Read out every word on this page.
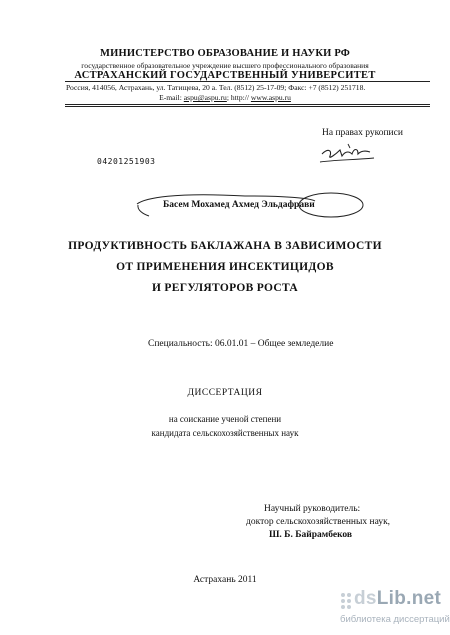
МИНИСТЕРСТВО ОБРАЗОВАНИЕ И НАУКИ РФ
государственное образовательное учреждение высшего профессионального образования
АСТРАХАНСКИЙ ГОСУДАРСТВЕННЫЙ УНИВЕРСИТЕТ
Россия, 414056, Астрахань, ул. Татищева, 20 а. Тел. (8512) 25-17-09; Факс: +7 (8512) 251718.
E-mail: aspu@aspu.ru; http:// www.aspu.ru
На правах рукописи
04201251903
Басем Мохамед Ахмед Эльдафрави
ПРОДУКТИВНОСТЬ БАКЛАЖАНА В ЗАВИСИМОСТИ
ОТ ПРИМЕНЕНИЯ ИНСЕКТИЦИДОВ
И РЕГУЛЯТОРОВ РОСТА
Специальность: 06.01.01 – Общее земледелие
ДИССЕРТАЦИЯ
на соискание ученой степени
кандидата сельскохозяйственных наук
Научный руководитель:
доктор сельскохозяйственных наук,
Ш. Б. Байрамбеков
Астрахань 2011
dsLib.net
библиотека диссертаций
